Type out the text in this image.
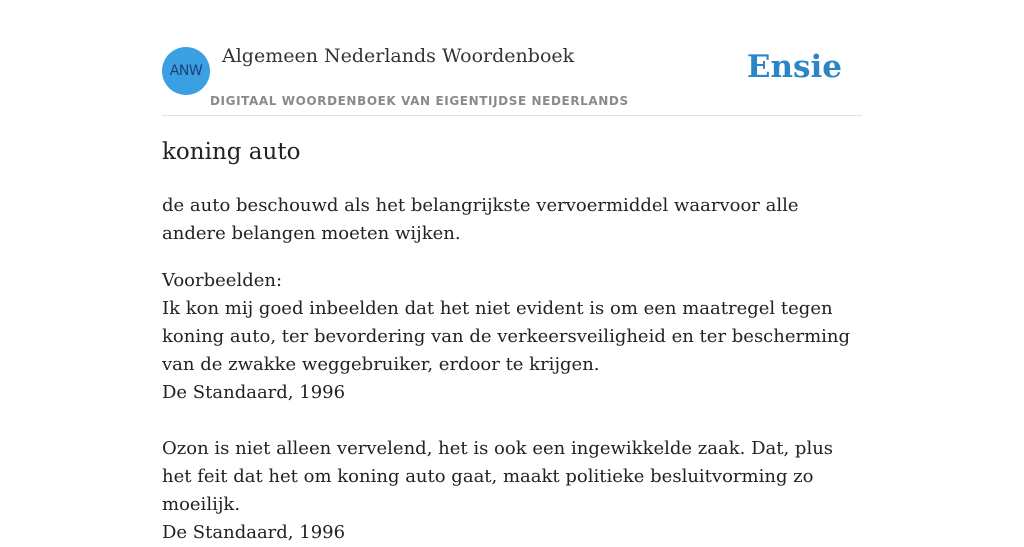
ANW
Algemeen Nederlands Woordenboek
DIGITAAL WOORDENBOEK VAN EIGENTIJDSE NEDERLANDS
Ensie
koning auto

de auto beschouwd als het belangrijkste vervoermiddel waarvoor alle andere belangen moeten wijken.

Voorbeelden:
Ik kon mij goed inbeelden dat het niet evident is om een maatregel tegen koning auto, ter bevordering van de verkeersveiligheid en ter bescherming van de zwakke weggebruiker, erdoor te krijgen.
De Standaard, 1996
Ozon is niet alleen vervelend, het is ook een ingewikkelde zaak. Dat, plus het feit dat het om koning auto gaat, maakt politieke besluitvorming zo moeilijk.
De Standaard, 1996
